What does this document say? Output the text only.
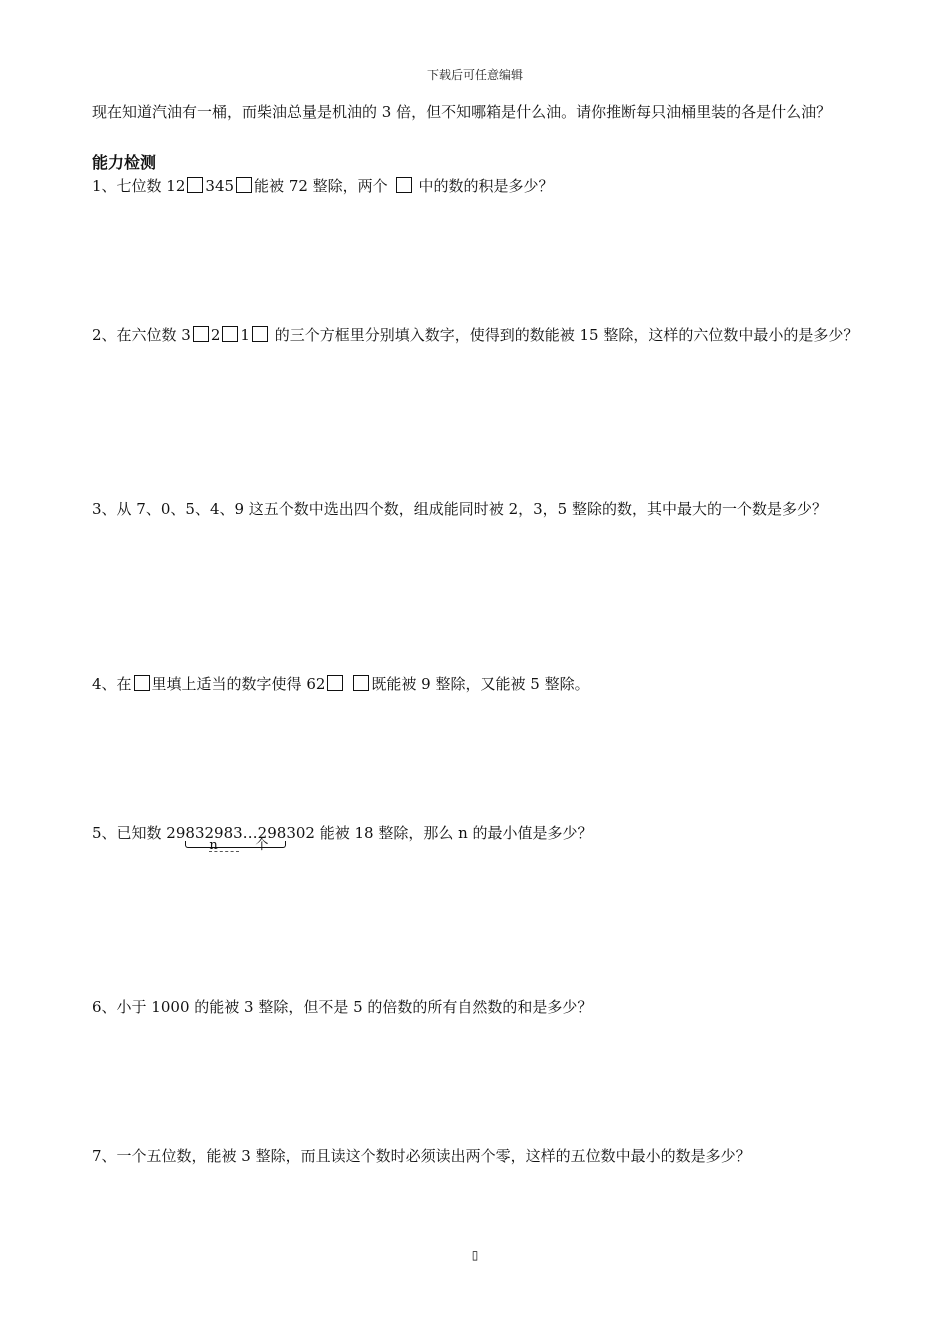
下载后可任意编辑
现在知道汽油有一桶，而柴油总量是机油的 3 倍，但不知哪箱是什么油。请你推断每只油桶里装的各是什么油？
能力检测
1、七位数 12 345 能被 72 整除，两个 中的数的积是多少？
2、在六位数 3 2 1 的三个方框里分别填入数字，使得到的数能被 15 整除，这样的六位数中最小的是多少？
3、从 7、0、5、4、9 这五个数中选出四个数，组成能同时被 2，3，5 整除的数，其中最大的一个数是多少？
4、在 里填上适当的数字使得 62	既能被 9 整除，又能被 5 整除。
5、已知数 29832983…298
n	个
302 能被 18 整除，那么 n 的最小值是多少？
6、小于 1000 的能被 3 整除，但不是 5 的倍数的所有自然数的和是多少？
7、一个五位数，能被 3 整除，而且读这个数时必须读出两个零，这样的五位数中最小的数是多少？
▯
